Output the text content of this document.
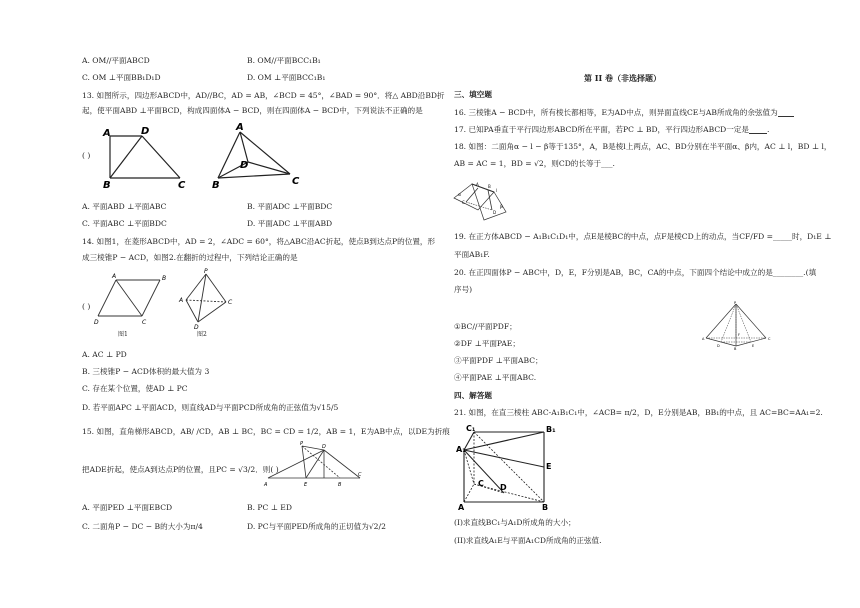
A. OM//平面ABCD	B. OM//平面BCC₁B₁
C. OM ⊥平面BB₁D₁D	D. OM ⊥平面BCC₁B₁
13. 如图所示，四边形ABCD中，AD//BC，AD = AB，∠BCD = 45°，∠BAD = 90°．将△ ABD沿BD折
起，使平面ABD ⊥平面BCD，构成四面体A − BCD，则在四面体A − BCD中，下列说法不正确的是
( )
A	D
B	C
A
D
B	C
A. 平面ABD ⊥平面ABC	B. 平面ADC ⊥平面BDC
C. 平面ABC ⊥平面BDC	D. 平面ADC ⊥平面ABD
14. 如图1，在菱形ABCD中，AD = 2，∠ADC = 60°，将△ABC沿AC折起，使点B到达点P的位置，形
成三棱锥P − ACD，如图2.在翻折的过程中，下列结论正确的是
( )
A	B
D	C
图1
P
A
D
C
图2
A. AC ⊥ PD
B. 三棱锥P − ACD体积的最大值为 3
C. 存在某个位置，使AD ⊥ PC
D. 若平面APC ⊥平面ACD，则直线AD与平面PCD所成角的正弦值为√15/5
15. 如图，直角梯形ABCD，AB/ /CD，AB ⊥ BC，BC = CD = 1/2，AB = 1，E为AB中点，以DE为折痕
把ADE折起，使点A到达点P的位置，且PC = √3/2．则( )
P	D
C
A	E	B
A. 平面PED ⊥平面EBCD	B. PC ⊥ ED
C. 二面角P − DC − B的大小为π/4	D. PC与平面PED所成角的正切值为√2/2
第 II 卷（非选择题）
三、填空题
16. 三棱锥A − BCD中，所有棱长都相等，E为AD中点，则异面直线CE与AB所成角的余弦值为
17. 已知PA垂直于平行四边形ABCD所在平面，若PC ⊥ BD，平行四边形ABCD一定是 .
18. 如图：二面角α − l − β等于135°，A，B是棱l上两点，AC、BD分别在半平面α、β内，AC ⊥ l，BD ⊥ l，
AB = AC = 1，BD = √2，则CD的长等于___.
α
β
A B
C
D
l
19. 在正方体ABCD − A₁B₁C₁D₁中，点E是棱BC的中点，点F是棱CD上的动点，当CF/FD =_____时，D₁E ⊥
平面AB₁F.
20. 在正四面体P − ABC中，D，E，F分别是AB，BC，CA的中点，下面四个结论中成立的是________.(填
序号)
P
A	C
B
D	E
F
①BC//平面PDF；
②DF ⊥平面PAE；
③平面PDF ⊥平面ABC；
④平面PAE ⊥平面ABC.
四、解答题
21. 如图，在直三棱柱 ABC-A₁B₁C₁中，∠ACB= π/2，D，E分别是AB，BB₁的中点，且 AC=BC=AA₁=2.
C₁	B₁
A₁
E
C D
A	B
(I)求直线BC₁与A₁D所成角的大小；
(II)求直线A₁E与平面A₁CD所成角的正弦值.
